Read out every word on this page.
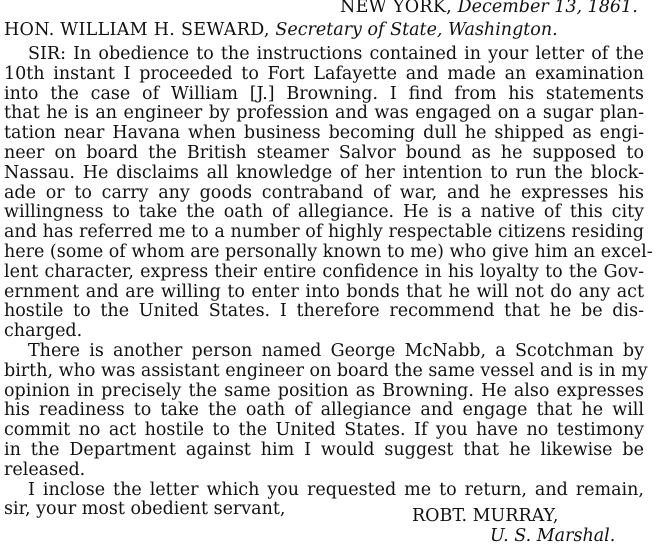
NEW YORK, December 13, 1861.
HON. WILLIAM H. SEWARD, Secretary of State, Washington.
SIR: In obedience to the instructions contained in your letter of the
10th instant I proceeded to Fort Lafayette and made an examination
into the case of William [J.] Browning. I find from his statements
that he is an engineer by profession and was engaged on a sugar plan-
tation near Havana when business becoming dull he shipped as engi-
neer on board the British steamer Salvor bound as he supposed to
Nassau. He disclaims all knowledge of her intention to run the block-
ade or to carry any goods contraband of war, and he expresses his
willingness to take the oath of allegiance. He is a native of this city
and has referred me to a number of highly respectable citizens residing
here (some of whom are personally known to me) who give him an excel-
lent character, express their entire confidence in his loyalty to the Gov-
ernment and are willing to enter into bonds that he will not do any act
hostile to the United States. I therefore recommend that he be dis-
charged.
There is another person named George McNabb, a Scotchman by
birth, who was assistant engineer on board the same vessel and is in my
opinion in precisely the same position as Browning. He also expresses
his readiness to take the oath of allegiance and engage that he will
commit no act hostile to the United States. If you have no testimony
in the Department against him I would suggest that he likewise be
released.
I inclose the letter which you requested me to return, and remain,
sir, your most obedient servant,	ROBT. MURRAY,
U. S. Marshal.
